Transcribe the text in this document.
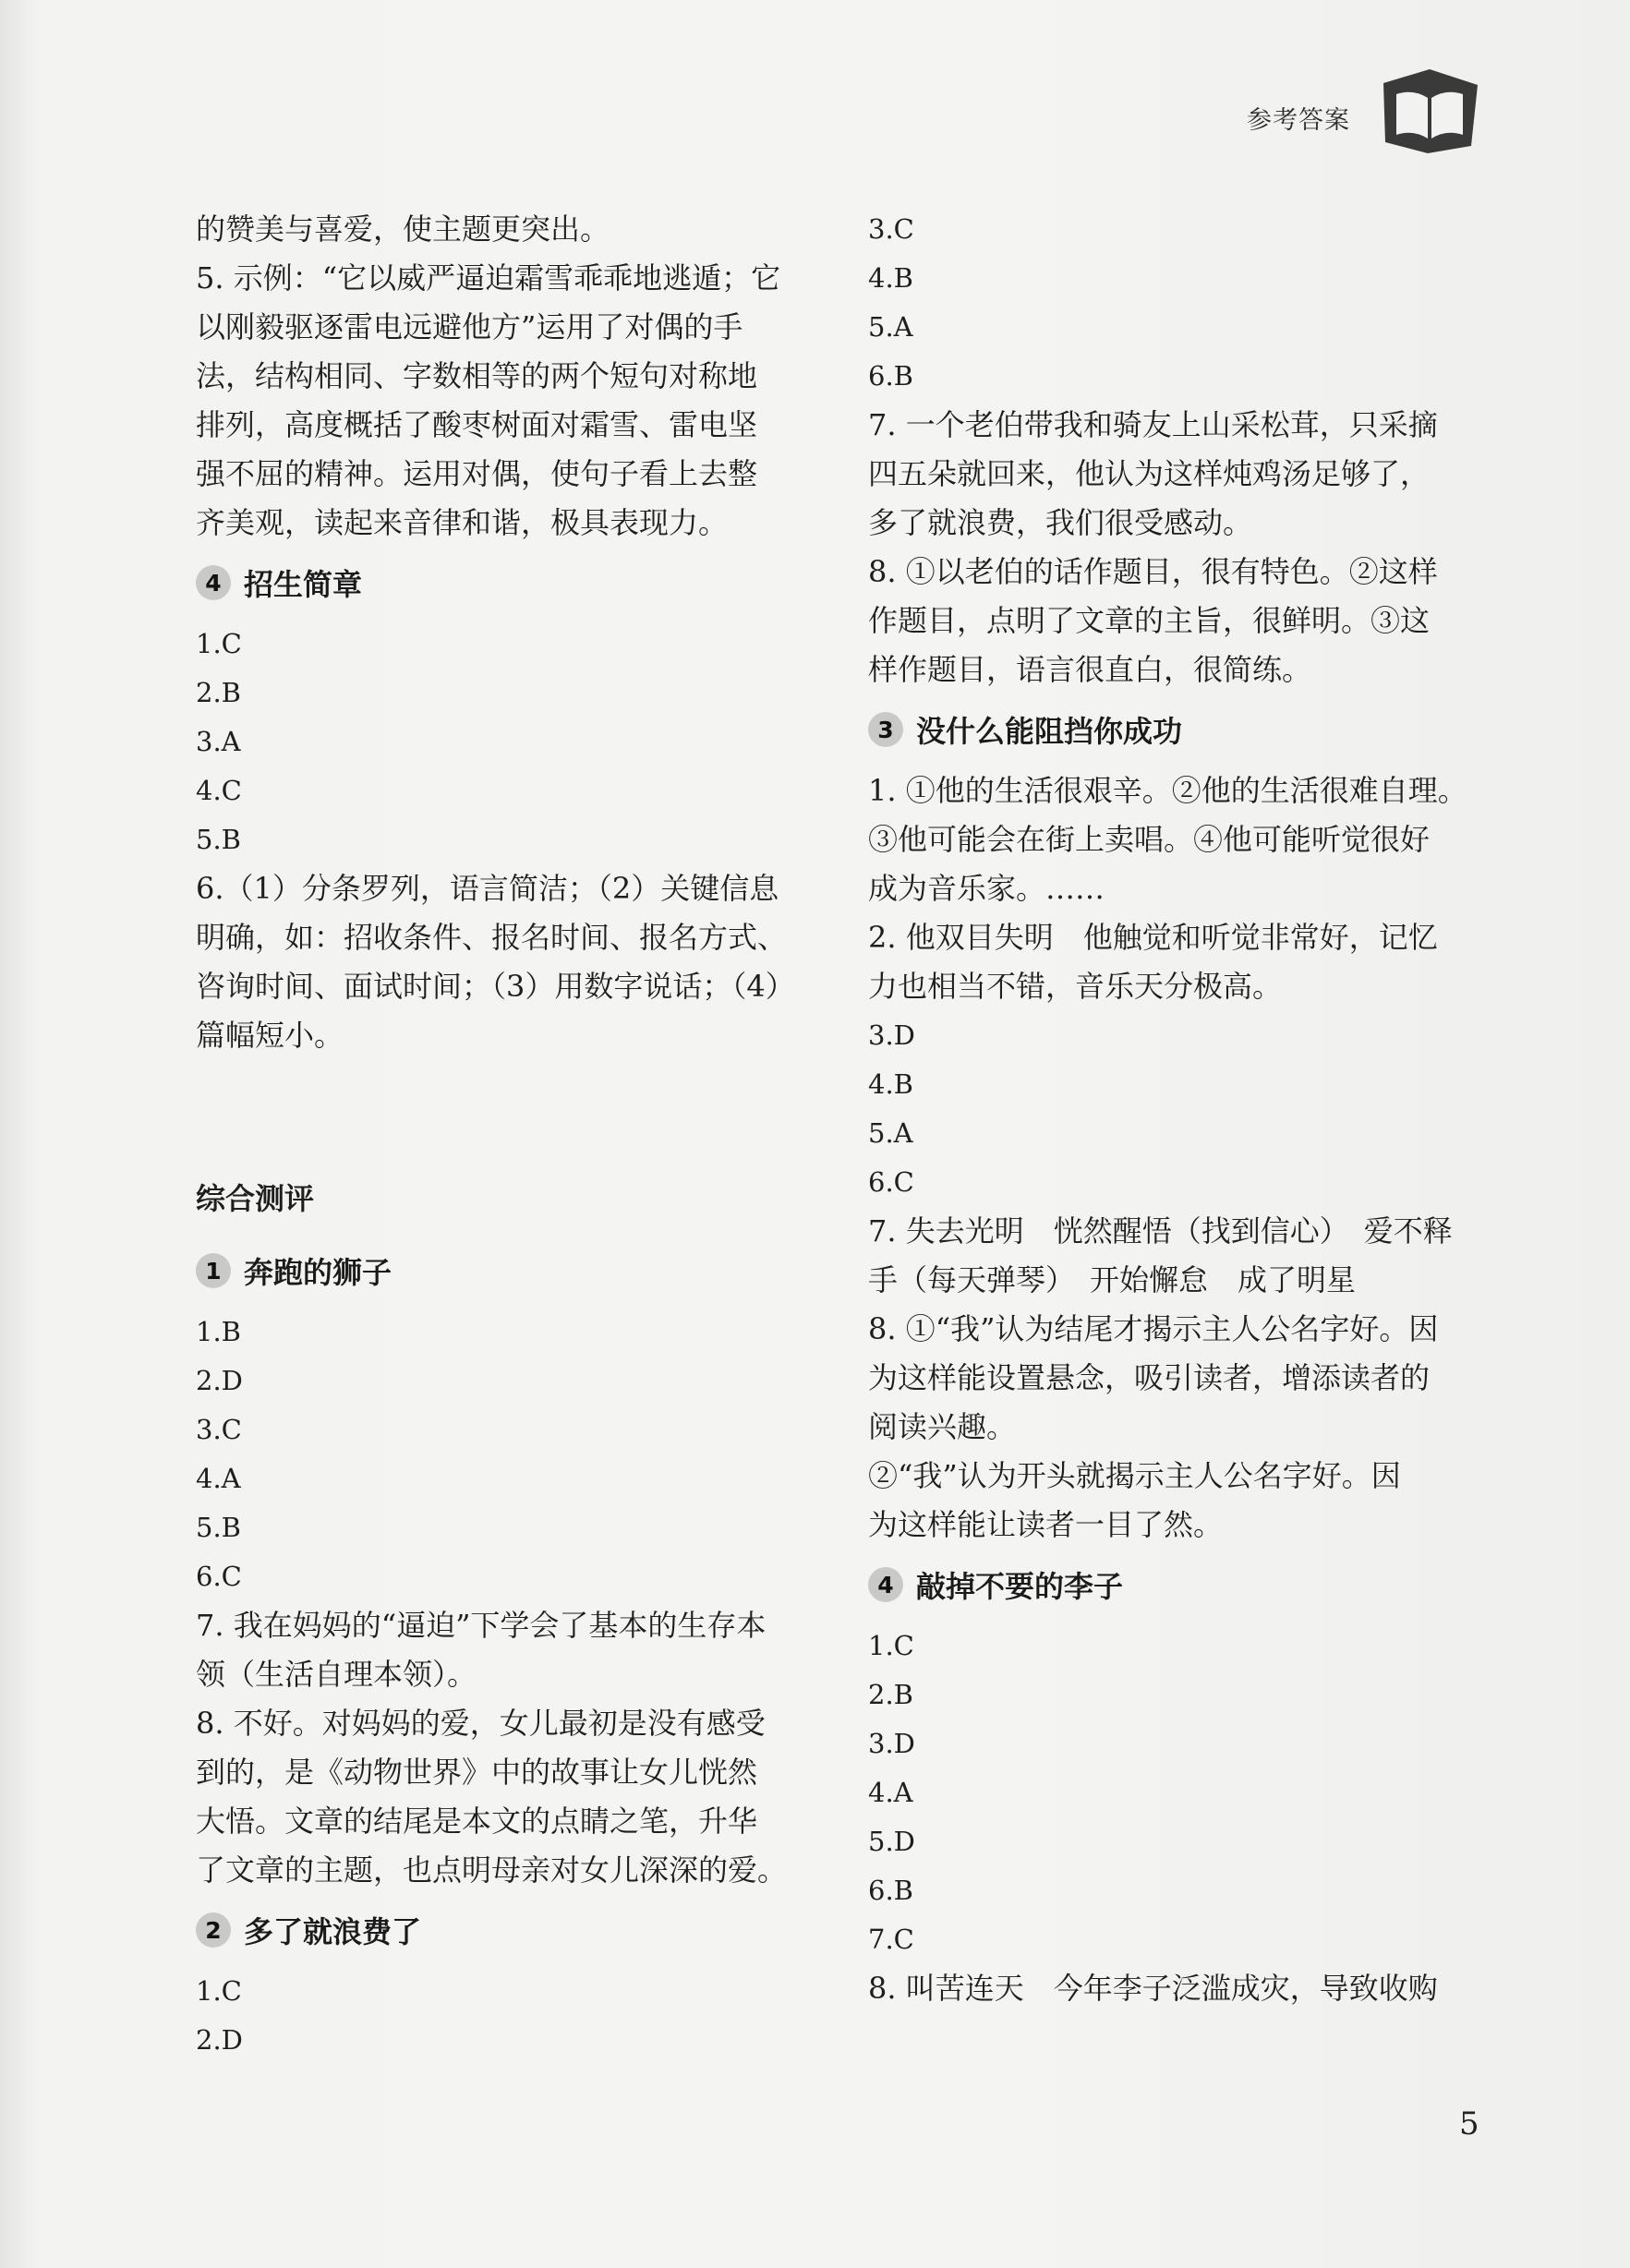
参考答案

的赞美与喜爱，使主题更突出。

5. 示例：“它以威严逼迫霜雪乖乖地逃遁；它

以刚毅驱逐雷电远避他方”运用了对偶的手

法，结构相同、字数相等的两个短句对称地

排列，高度概括了酸枣树面对霜雪、雷电坚

强不屈的精神。运用对偶，使句子看上去整

齐美观，读起来音律和谐，极具表现力。

4 招生简章

1.C

2.B

3.A

4.C

5.B

6.（1）分条罗列，语言简洁；（2）关键信息

明确，如：招收条件、报名时间、报名方式、

咨询时间、面试时间；（3）用数字说话；（4）

篇幅短小。

综合测评

1 奔跑的狮子

1.B

2.D

3.C

4.A

5.B

6.C

7. 我在妈妈的“逼迫”下学会了基本的生存本

领（生活自理本领）。

8. 不好。对妈妈的爱，女儿最初是没有感受

到的，是《动物世界》中的故事让女儿恍然

大悟。文章的结尾是本文的点睛之笔，升华

了文章的主题，也点明母亲对女儿深深的爱。

2 多了就浪费了

1.C

2.D

3.C

4.B

5.A

6.B

7. 一个老伯带我和骑友上山采松茸，只采摘

四五朵就回来，他认为这样炖鸡汤足够了，

多了就浪费，我们很受感动。

8. ①以老伯的话作题目，很有特色。②这样

作题目，点明了文章的主旨，很鲜明。③这

样作题目，语言很直白，很简练。

3 没什么能阻挡你成功

1. ①他的生活很艰辛。②他的生活很难自理。

③他可能会在街上卖唱。④他可能听觉很好

成为音乐家。……

2. 他双目失明　他触觉和听觉非常好，记忆

力也相当不错，音乐天分极高。

3.D

4.B

5.A

6.C

7. 失去光明　恍然醒悟（找到信心）　爱不释

手（每天弹琴）　开始懈怠　成了明星

8. ①“我”认为结尾才揭示主人公名字好。因

为这样能设置悬念，吸引读者，增添读者的

阅读兴趣。

②“我”认为开头就揭示主人公名字好。因

为这样能让读者一目了然。

4 敲掉不要的李子

1.C

2.B

3.D

4.A

5.D

6.B

7.C

8. 叫苦连天　今年李子泛滥成灾，导致收购

5
